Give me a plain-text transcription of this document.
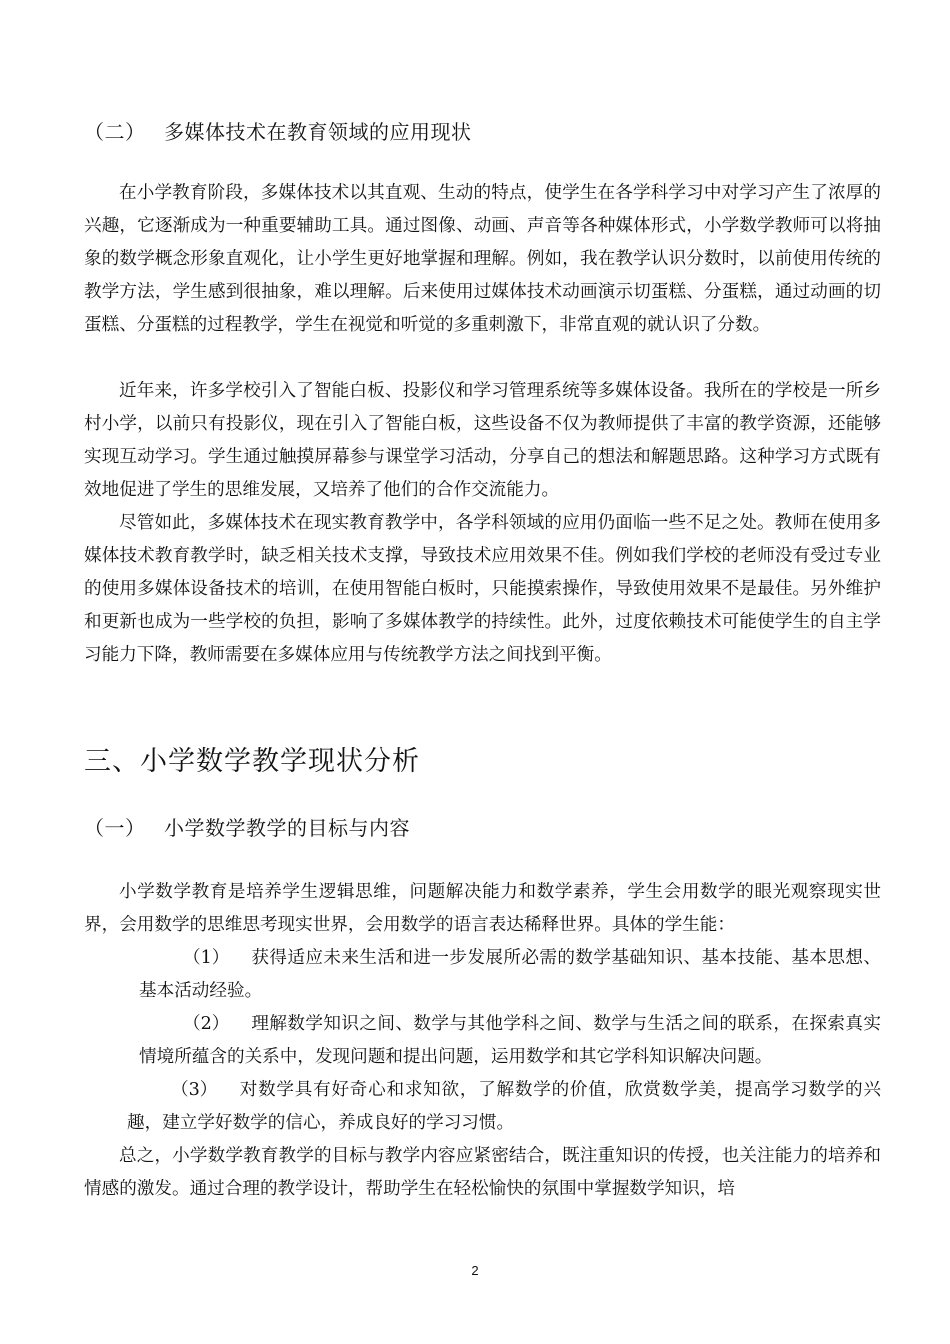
（二） 多媒体技术在教育领域的应用现状

在小学教育阶段，多媒体技术以其直观、生动的特点，使学生在各学科学习中对学习产生了浓厚的兴趣，它逐渐成为一种重要辅助工具。通过图像、动画、声音等各种媒体形式，小学数学教师可以将抽象的数学概念形象直观化，让小学生更好地掌握和理解。例如，我在教学认识分数时，以前使用传统的教学方法，学生感到很抽象，难以理解。后来使用过媒体技术动画演示切蛋糕、分蛋糕，通过动画的切蛋糕、分蛋糕的过程教学，学生在视觉和听觉的多重刺激下，非常直观的就认识了分数。

近年来，许多学校引入了智能白板、投影仪和学习管理系统等多媒体设备。我所在的学校是一所乡村小学，以前只有投影仪，现在引入了智能白板，这些设备不仅为教师提供了丰富的教学资源，还能够实现互动学习。学生通过触摸屏幕参与课堂学习活动，分享自己的想法和解题思路。这种学习方式既有效地促进了学生的思维发展，又培养了他们的合作交流能力。

尽管如此，多媒体技术在现实教育教学中，各学科领域的应用仍面临一些不足之处。教师在使用多媒体技术教育教学时，缺乏相关技术支撑，导致技术应用效果不佳。例如我们学校的老师没有受过专业的使用多媒体设备技术的培训，在使用智能白板时，只能摸索操作，导致使用效果不是最佳。另外维护和更新也成为一些学校的负担，影响了多媒体教学的持续性。此外，过度依赖技术可能使学生的自主学习能力下降，教师需要在多媒体应用与传统教学方法之间找到平衡。

三、小学数学教学现状分析
（一） 小学数学教学的目标与内容

小学数学教育是培养学生逻辑思维，问题解决能力和数学素养，学生会用数学的眼光观察现实世界，会用数学的思维思考现实世界，会用数学的语言表达稀释世界。具体的学生能：

（1） 获得适应未来生活和进一步发展所必需的数学基础知识、基本技能、基本思想、基本活动经验。

（2） 理解数学知识之间、数学与其他学科之间、数学与生活之间的联系，在探索真实情境所蕴含的关系中，发现问题和提出问题，运用数学和其它学科知识解决问题。

（3） 对数学具有好奇心和求知欲，了解数学的价值，欣赏数学美，提高学习数学的兴趣，建立学好数学的信心，养成良好的学习习惯。

总之，小学数学教育教学的目标与教学内容应紧密结合，既注重知识的传授，也关注能力的培养和情感的激发。通过合理的教学设计，帮助学生在轻松愉快的氛围中掌握数学知识，培

2
